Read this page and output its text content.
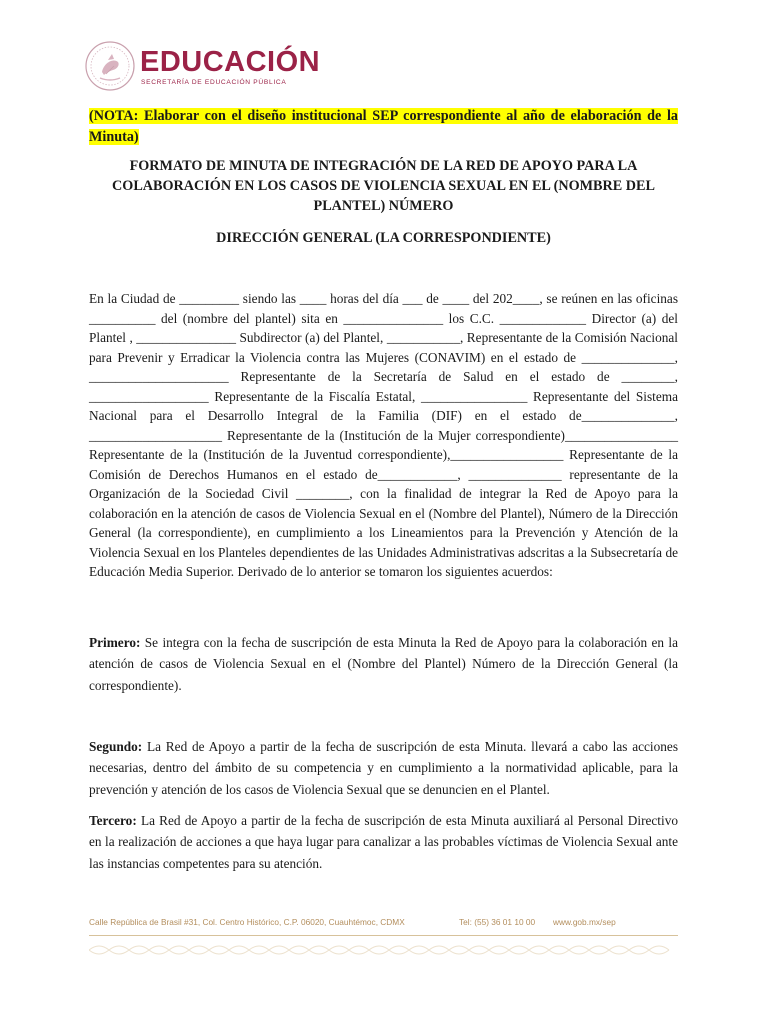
EDUCACIÓN
SECRETARÍA DE EDUCACIÓN PÚBLICA
(NOTA: Elaborar con el diseño institucional SEP correspondiente al año de elaboración de la Minuta)
FORMATO DE MINUTA DE INTEGRACIÓN DE LA RED DE APOYO PARA LA COLABORACIÓN EN LOS CASOS DE VIOLENCIA SEXUAL EN EL (NOMBRE DEL PLANTEL) NÚMERO
DIRECCIÓN GENERAL (LA CORRESPONDIENTE)
En la Ciudad de _________ siendo las ____ horas del día ___ de ____ del 202____, se reúnen en las oficinas __________ del (nombre del plantel) sita en _______________ los C.C. _____________ Director (a) del Plantel , _______________ Subdirector (a) del Plantel, ___________, Representante de la Comisión Nacional para Prevenir y Erradicar la Violencia contra las Mujeres (CONAVIM) en el estado de ______________, _____________________ Representante de la Secretaría de Salud en el estado de ________, __________________ Representante de la Fiscalía Estatal, ________________ Representante del Sistema Nacional para el Desarrollo Integral de la Familia (DIF) en el estado de______________, ____________________ Representante de la (Institución de la Mujer correspondiente)_________________ Representante de la (Institución de la Juventud correspondiente),_________________ Representante de la Comisión de Derechos Humanos en el estado de____________, ______________ representante de la Organización de la Sociedad Civil ________, con la finalidad de integrar la Red de Apoyo para la colaboración en la atención de casos de Violencia Sexual en el (Nombre del Plantel), Número de la Dirección General (la correspondiente), en cumplimiento a los Lineamientos para la Prevención y Atención de la Violencia Sexual en los Planteles dependientes de las Unidades Administrativas adscritas a la Subsecretaría de Educación Media Superior. Derivado de lo anterior se tomaron los siguientes acuerdos:
Primero: Se integra con la fecha de suscripción de esta Minuta la Red de Apoyo para la colaboración en la atención de casos de Violencia Sexual en el (Nombre del Plantel) Número de la Dirección General (la correspondiente).
Segundo: La Red de Apoyo a partir de la fecha de suscripción de esta Minuta. llevará a cabo las acciones necesarias, dentro del ámbito de su competencia y en cumplimiento a la normatividad aplicable, para la prevención y atención de los casos de Violencia Sexual que se denuncien en el Plantel.
Tercero: La Red de Apoyo a partir de la fecha de suscripción de esta Minuta auxiliará al Personal Directivo en la realización de acciones a que haya lugar para canalizar a las probables víctimas de Violencia Sexual ante las instancias competentes para su atención.
Calle República de Brasil #31, Col. Centro Histórico, C.P. 06020, Cuauhtémoc, CDMX	Tel: (55) 36 01 10 00 www.gob.mx/sep
